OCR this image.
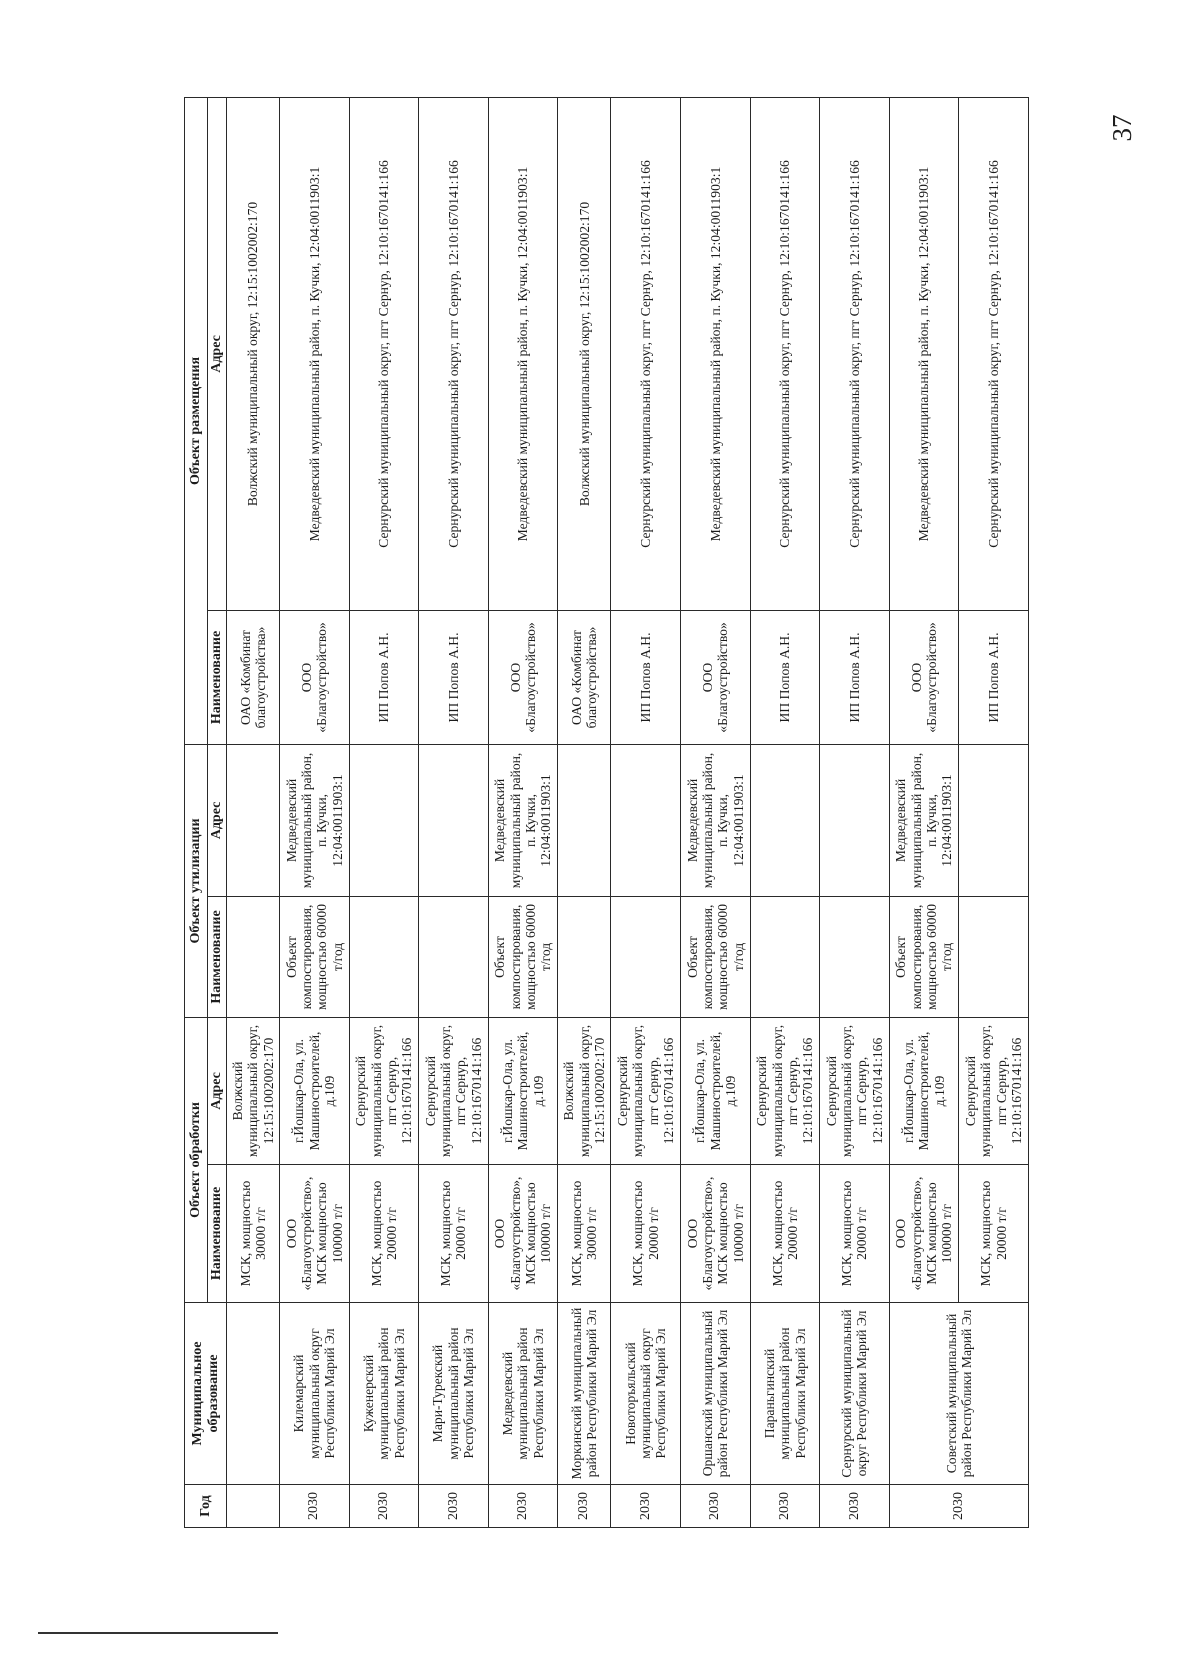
37
Год	Муниципальное образование	Объект обработки		Объект утилизации		Объект размещения	
		Наименование	Адрес	Наименование	Адрес	Наименование	Адрес
		МСК, мощностью 30000 т/г	Волжский муниципальный округ, 12:15:1002002:170			ОАО «Комбинат благоустройства»	Волжский муниципальный округ, 12:15:1002002:170
2030	Килемарский муниципальный округ Республики Марий Эл	ООО «Благоустройство», МСК мощностью 100000 т/г	г.Йошкар-Ола, ул. Машиностроителей, д.109	Объект компостирования, мощностью 60000 т/год	Медведевский муниципальный район, п. Кучки, 12:04:0011903:1	ООО «Благоустройство»	Медведевский муниципальный район, п. Кучки, 12:04:0011903:1
2030	Куженерский муниципальный район Республики Марий Эл	МСК, мощностью 20000 т/г	Сернурский муниципальный округ, пгт Сернур, 12:10:1670141:166			ИП Попов А.Н.	Сернурский муниципальный округ, пгт Сернур, 12:10:1670141:166
2030	Мари-Турекский муниципальный район Республики Марий Эл	МСК, мощностью 20000 т/г	Сернурский муниципальный округ, пгт Сернур, 12:10:1670141:166			ИП Попов А.Н.	Сернурский муниципальный округ, пгт Сернур, 12:10:1670141:166
2030	Медведевский муниципальный район Республики Марий Эл	ООО «Благоустройство», МСК мощностью 100000 т/г	г.Йошкар-Ола, ул. Машиностроителей, д.109	Объект компостирования, мощностью 60000 т/год	Медведевский муниципальный район, п. Кучки, 12:04:0011903:1	ООО «Благоустройство»	Медведевский муниципальный район, п. Кучки, 12:04:0011903:1
2030	Моркинский муниципальный район Республики Марий Эл	МСК, мощностью 30000 т/г	Волжский муниципальный округ, 12:15:1002002:170			ОАО «Комбинат благоустройства»	Волжский муниципальный округ, 12:15:1002002:170
2030	Новоторъяльский муниципальный округ Республики Марий Эл	МСК, мощностью 20000 т/г	Сернурский муниципальный округ, пгт Сернур, 12:10:1670141:166			ИП Попов А.Н.	Сернурский муниципальный округ, пгт Сернур, 12:10:1670141:166
2030	Оршанский муниципальный район Республики Марий Эл	ООО «Благоустройство», МСК мощностью 100000 т/г	г.Йошкар-Ола, ул. Машиностроителей, д.109	Объект компостирования, мощностью 60000 т/год	Медведевский муниципальный район, п. Кучки, 12:04:0011903:1	ООО «Благоустройство»	Медведевский муниципальный район, п. Кучки, 12:04:0011903:1
2030	Параньгинский муниципальный район Республики Марий Эл	МСК, мощностью 20000 т/г	Сернурский муниципальный округ, пгт Сернур, 12:10:1670141:166			ИП Попов А.Н.	Сернурский муниципальный округ, пгт Сернур, 12:10:1670141:166
2030	Сернурский муниципальный округ Республики Марий Эл	МСК, мощностью 20000 т/г	Сернурский муниципальный округ, пгт Сернур, 12:10:1670141:166			ИП Попов А.Н.	Сернурский муниципальный округ, пгт Сернур, 12:10:1670141:166
2030	Советский муниципальный район Республики Марий Эл	ООО «Благоустройство», МСК мощностью 100000 т/г	г.Йошкар-Ола, ул. Машиностроителей, д.109	Объект компостирования, мощностью 60000 т/год	Медведевский муниципальный район, п. Кучки, 12:04:0011903:1	ООО «Благоустройство»	Медведевский муниципальный район, п. Кучки, 12:04:0011903:1
		МСК, мощностью 20000 т/г	Сернурский муниципальный округ, пгт Сернур, 12:10:1670141:166			ИП Попов А.Н.	Сернурский муниципальный округ, пгт Сернур, 12:10:1670141:166
